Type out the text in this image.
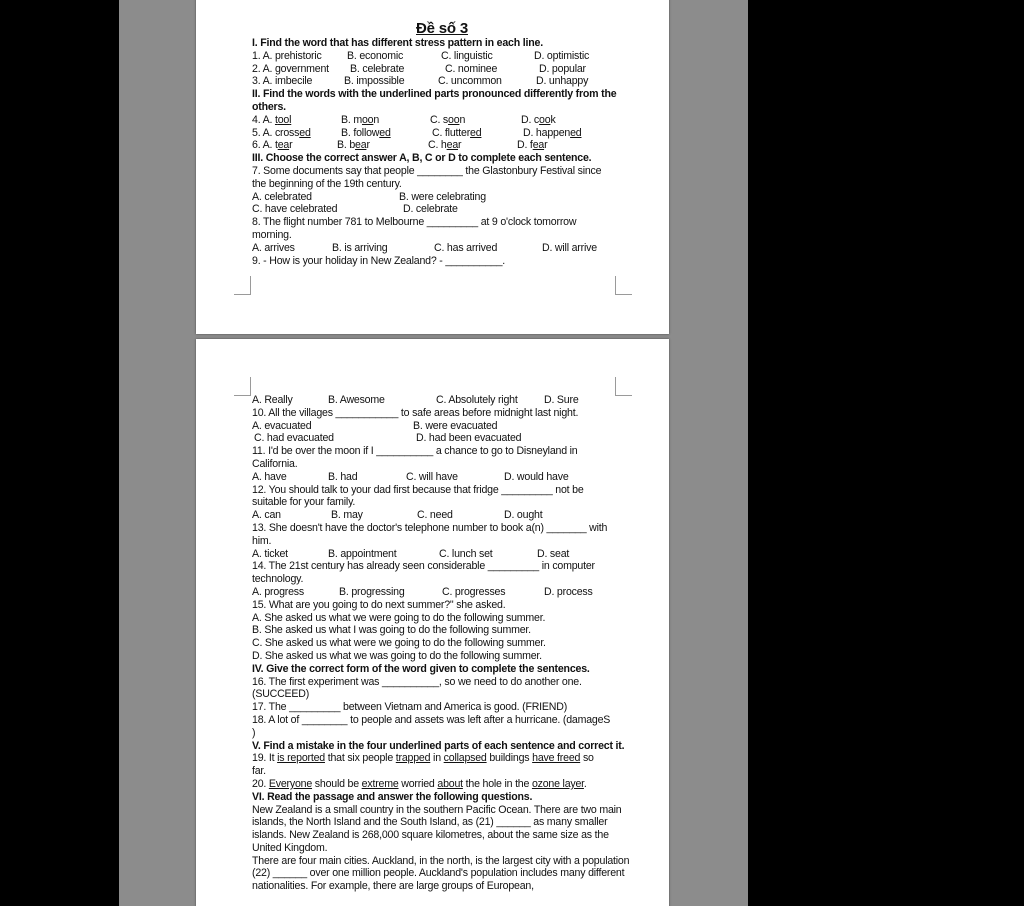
Đề số 3
I. Find the word that has different stress pattern in each line.
1. A. prehistoric B. economic	C. linguistic	D. optimistic
2. A. government B. celebrate	C. nominee	D. popular
3. A. imbecile	B. impossible	C. uncommon	D. unhappy
II. Find the words with the underlined parts pronounced differently from the
others.
4. A. tool	B. moon	C. soon	D. cook
5. A. crossed	B. followed	C. fluttered	D. happened
6. A. tear	B. bear	C. hear	D. fear
III. Choose the correct answer A, B, C or D to complete each sentence.
7. Some documents say that people ________ the Glastonbury Festival since
the beginning of the 19th century.
A. celebrated	B. were celebrating
C. have celebrated	D. celebrate
8. The flight number 781 to Melbourne _________ at 9 o'clock tomorrow
morning.
A. arrives	B. is arriving	C. has arrived	D. will arrive
9. - How is your holiday in New Zealand? - __________.
A. Really	B. Awesome	C. Absolutely right D. Sure
10. All the villages ___________ to safe areas before midnight last night.
A. evacuated	B. were evacuated
C. had evacuated	D. had been evacuated
11. I'd be over the moon if I __________ a chance to go to Disneyland in
California.
A. have	B. had	C. will have	D. would have
12. You should talk to your dad first because that fridge _________ not be
suitable for your family.
A. can	B. may	C. need	D. ought
13. She doesn't have the doctor's telephone number to book a(n) _______ with
him.
A. ticket	B. appointment	C. lunch set	D. seat
14. The 21st century has already seen considerable _________ in computer
technology.
A. progress	B. progressing	C. progresses	D. process
15. What are you going to do next summer?" she asked.
A. She asked us what we were going to do the following summer.
B. She asked us what I was going to do the following summer.
C. She asked us what were we going to do the following summer.
D. She asked us what we was going to do the following summer.
IV. Give the correct form of the word given to complete the sentences.
16. The first experiment was __________, so we need to do another one.
(SUCCEED)
17. The _________ between Vietnam and America is good. (FRIEND)
18. A lot of ________ to people and assets was left after a hurricane. (damageS
)
V. Find a mistake in the four underlined parts of each sentence and correct it.
19. It is reported that six people trapped in collapsed buildings have freed so
far.
20. Everyone should be extreme worried about the hole in the ozone layer.
VI. Read the passage and answer the following questions.

New Zealand is a small country in the southern Pacific Ocean. There are two main islands, the North Island and the South Island, as (21) ______ as many smaller islands. New Zealand is 268,000 square kilometres, about the same size as the United Kingdom.

There are four main cities. Auckland, in the north, is the largest city with a population (22) ______ over one million people. Auckland's population includes many different nationalities. For example, there are large groups of European,
